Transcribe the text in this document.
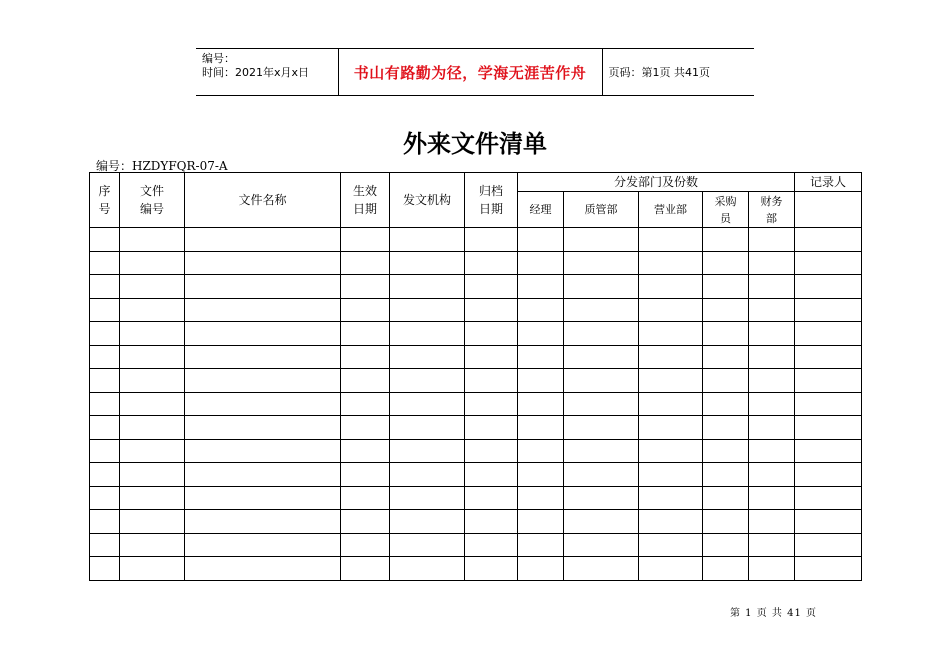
编号：
时间：2021年x月x日	书山有路勤为径，学海无涯苦作舟	页码：第1页 共41页
外来文件清单
编号：HZDYFQR-07-A
序号	文件编号	文件名称	生效日期	发文机构	归档日期	分发部门及份数					记录人
						经理	质管部	营业部	采购员	财务部	

第 1 页 共 41 页
